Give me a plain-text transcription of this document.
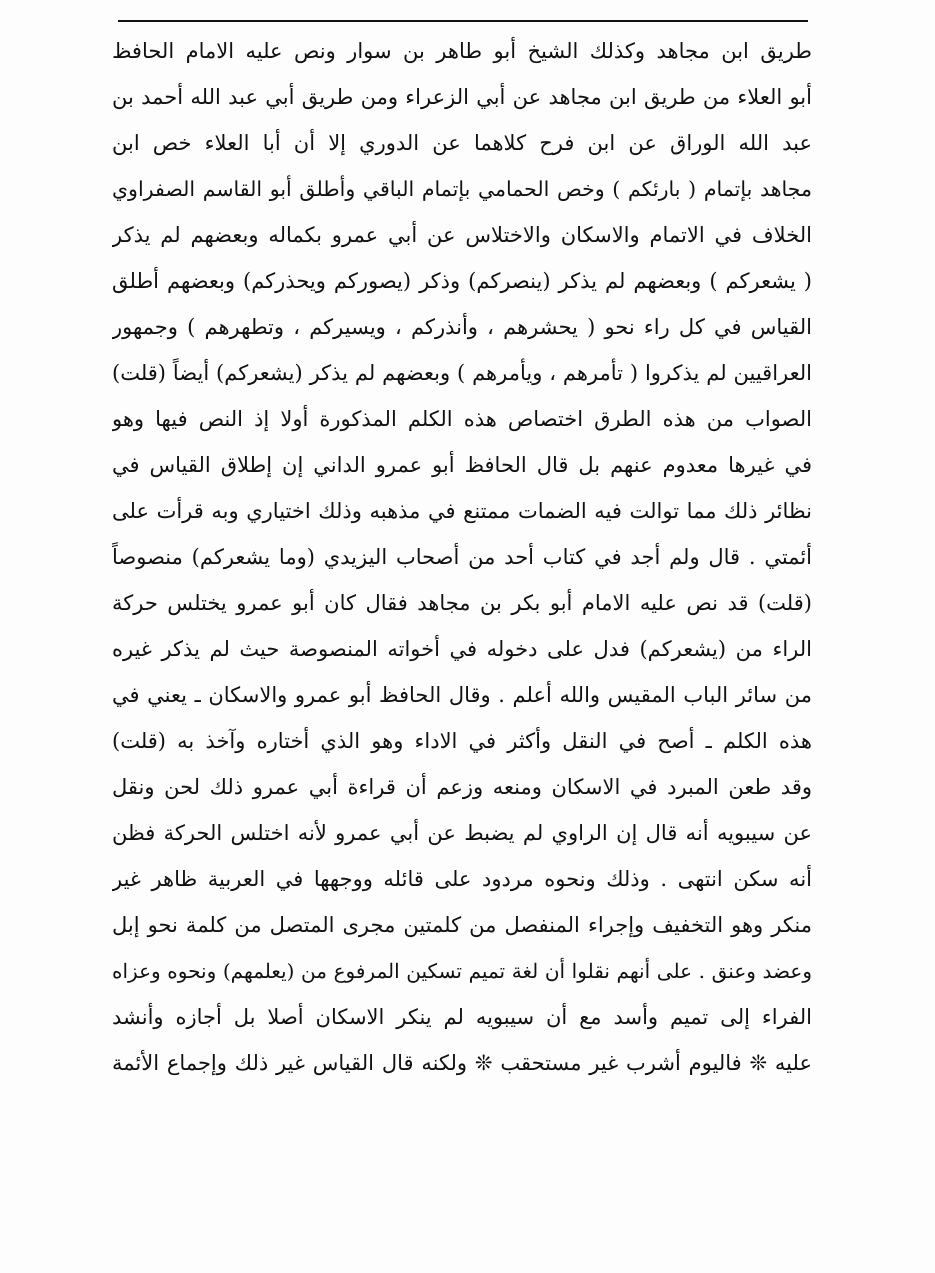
طريق ابن مجاهد وكذلك الشيخ أبو طاهر بن سوار ونص عليه الامام الحافظ
أبو العلاء من طريق ابن مجاهد عن أبي الزعراء ومن طريق أبي عبد الله أحمد بن
عبد الله الوراق عن ابن فرح كلاهما عن الدوري إلا أن أبا العلاء خص ابن
مجاهد بإتمام ( بارئكم ) وخص الحمامي بإتمام الباقي وأطلق أبو القاسم الصفراوي
الخلاف في الاتمام والاسكان والاختلاس عن أبي عمرو بكماله وبعضهم لم يذكر
( يشعركم ) وبعضهم لم يذكر (ينصركم) وذكر (يصوركم ويحذركم) وبعضهم أطلق
القياس في كل راء نحو ( يحشرهم ، وأنذركم ، ويسيركم ، وتطهرهم ) وجمهور
العراقيين لم يذكروا ( تأمرهم ، ويأمرهم ) وبعضهم لم يذكر (يشعركم) أيضاً (قلت)
الصواب من هذه الطرق اختصاص هذه الكلم المذكورة أولا إذ النص فيها وهو
في غيرها معدوم عنهم بل قال الحافظ أبو عمرو الداني إن إطلاق القياس في
نظائر ذلك مما توالت فيه الضمات ممتنع في مذهبه وذلك اختياري وبه قرأت على
أئمتي . قال ولم أجد في كتاب أحد من أصحاب اليزيدي (وما يشعركم) منصوصاً
(قلت) قد نص عليه الامام أبو بكر بن مجاهد فقال كان أبو عمرو يختلس حركة
الراء من (يشعركم) فدل على دخوله في أخواته المنصوصة حيث لم يذكر غيره
من سائر الباب المقيس والله أعلم . وقال الحافظ أبو عمرو والاسكان ـ يعني في
هذه الكلم ـ أصح في النقل وأكثر في الاداء وهو الذي أختاره وآخذ به (قلت)
وقد طعن المبرد في الاسكان ومنعه وزعم أن قراءة أبي عمرو ذلك لحن ونقل
عن سيبويه أنه قال إن الراوي لم يضبط عن أبي عمرو لأنه اختلس الحركة فظن
أنه سكن انتهى . وذلك ونحوه مردود على قائله ووجهها في العربية ظاهر غير
منكر وهو التخفيف وإجراء المنفصل من كلمتين مجرى المتصل من كلمة نحو إبل
وعضد وعنق . على أنهم نقلوا أن لغة تميم تسكين المرفوع من (يعلمهم) ونحوه وعزاه
الفراء إلى تميم وأسد مع أن سيبويه لم ينكر الاسكان أصلا بل أجازه وأنشد
عليه ❊ فاليوم أشرب غير مستحقب ❊ ولكنه قال القياس غير ذلك وإجماع الأئمة
